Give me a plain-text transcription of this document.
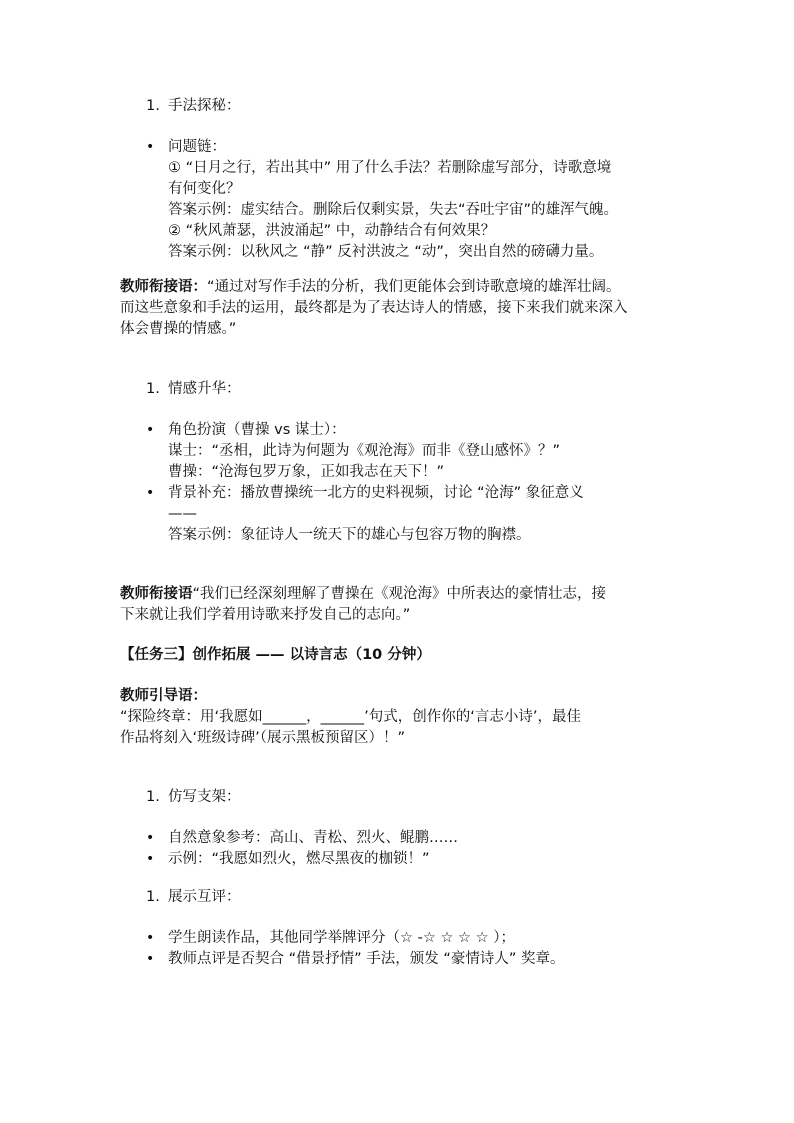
1. 手法探秘：
• 问题链：
① “日月之行，若出其中” 用了什么手法？若删除虚写部分，诗歌意境
有何变化？
答案示例：虚实结合。删除后仅剩实景，失去“吞吐宇宙”的雄浑气魄。
② “秋风萧瑟，洪波涌起” 中，动静结合有何效果？
答案示例：以秋风之 “静” 反衬洪波之 “动”，突出自然的磅礴力量。
教师衔接语：“通过对写作手法的分析，我们更能体会到诗歌意境的雄浑壮阔。
而这些意象和手法的运用，最终都是为了表达诗人的情感，接下来我们就来深入
体会曹操的情感。”
1. 情感升华：
• 角色扮演（曹操 vs 谋士）：
谋士：“丞相，此诗为何题为《观沧海》而非《登山感怀》？”
曹操：“沧海包罗万象，正如我志在天下！”
• 背景补充：播放曹操统一北方的史料视频，讨论 “沧海” 象征意义
——
答案示例：象征诗人一统天下的雄心与包容万物的胸襟。
教师衔接语“我们已经深刻理解了曹操在《观沧海》中所表达的豪情壮志，接
下来就让我们学着用诗歌来抒发自己的志向。”
【任务三】创作拓展 —— 以诗言志（10 分钟）
教师引导语：
“探险终章：用‘我愿如______，______’句式，创作你的‘言志小诗’，最佳
作品将刻入‘班级诗碑’（展示黑板预留区）！”
1. 仿写支架：
• 自然意象参考：高山、青松、烈火、鲲鹏……
• 示例：“我愿如烈火，燃尽黑夜的枷锁！”
1. 展示互评：
• 学生朗读作品，其他同学举牌评分（☆ -☆ ☆ ☆ ☆ ）；
• 教师点评是否契合 “借景抒情” 手法，颁发 “豪情诗人” 奖章。
